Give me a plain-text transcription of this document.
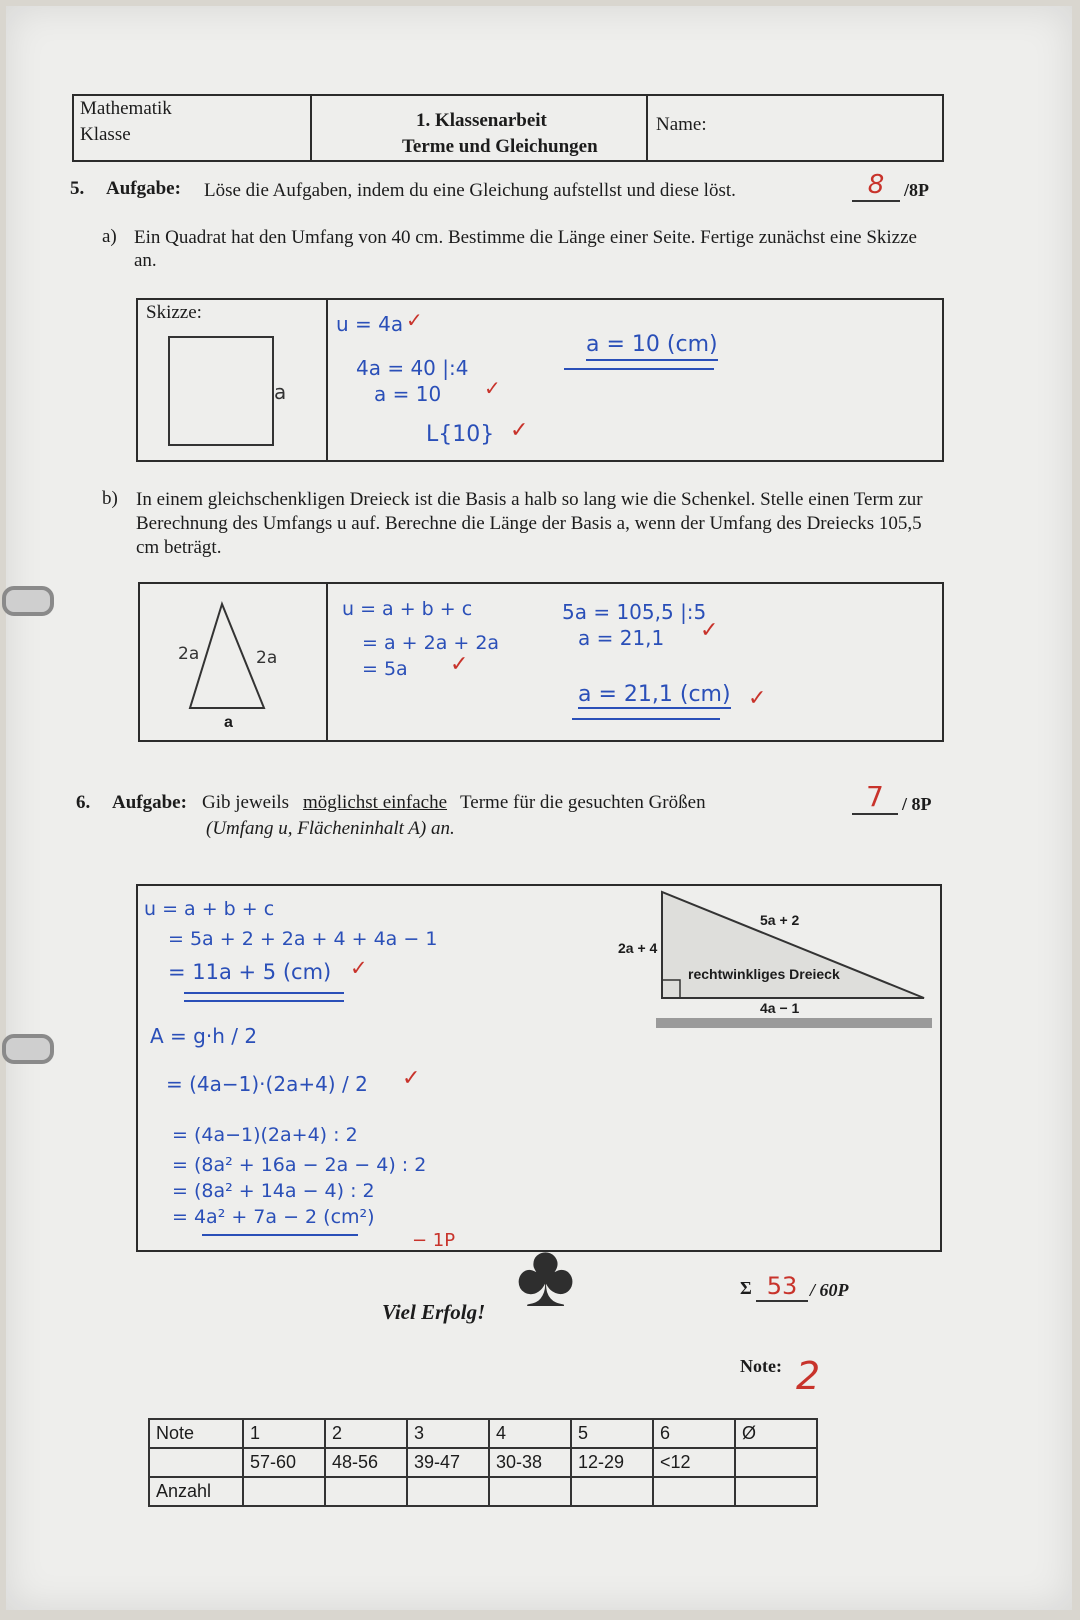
Mathematik
Klasse
1. Klassenarbeit
Terme und Gleichungen
Name:
5. Aufgabe: Löse die Aufgaben, indem du eine Gleichung aufstellst und diese löst.	8	/8P
a) Ein Quadrat hat den Umfang von 40 cm. Bestimme die Länge einer Seite. Fertige zunächst eine Skizze an.
Skizze:
a
u = 4a ✓
4a = 40 |:4
a = 10 ✓
L{10} ✓
a = 10 (cm)
b) In einem gleichschenkligen Dreieck ist die Basis a halb so lang wie die Schenkel. Stelle einen Term zur Berechnung des Umfangs u auf. Berechne die Länge der Basis a, wenn der Umfang des Dreiecks 105,5 cm beträgt.
2a	2a
a
u = a + b + c
= a + 2a + 2a
= 5a ✓
5a = 105,5 |:5
a = 21,1 ✓
a = 21,1 (cm) ✓
6. Aufgabe: Gib jeweils möglichst einfache Terme für die gesuchten Größen
(Umfang u, Flächeninhalt A) an.
7	/ 8P
5a + 2
2a + 4
rechtwinkliges Dreieck
4a − 1
u = a + b + c
= 5a + 2 + 2a + 4 + 4a − 1
= 11a + 5 (cm) ✓
A = g·h / 2
= (4a−1)·(2a+4) / 2 ✓
= (4a−1)(2a+4) : 2
= (8a² + 16a − 2a − 4) : 2
= (8a² + 14a − 4) : 2
= 4a² + 7a − 2 (cm²)
− 1P
Viel Erfolg! ♣	Σ 53 / 60P
Note: 2
Note	1	2	3	4	5	6	Ø
	57-60	48-56	39-47	30-38	12-29	<12	
Anzahl							
